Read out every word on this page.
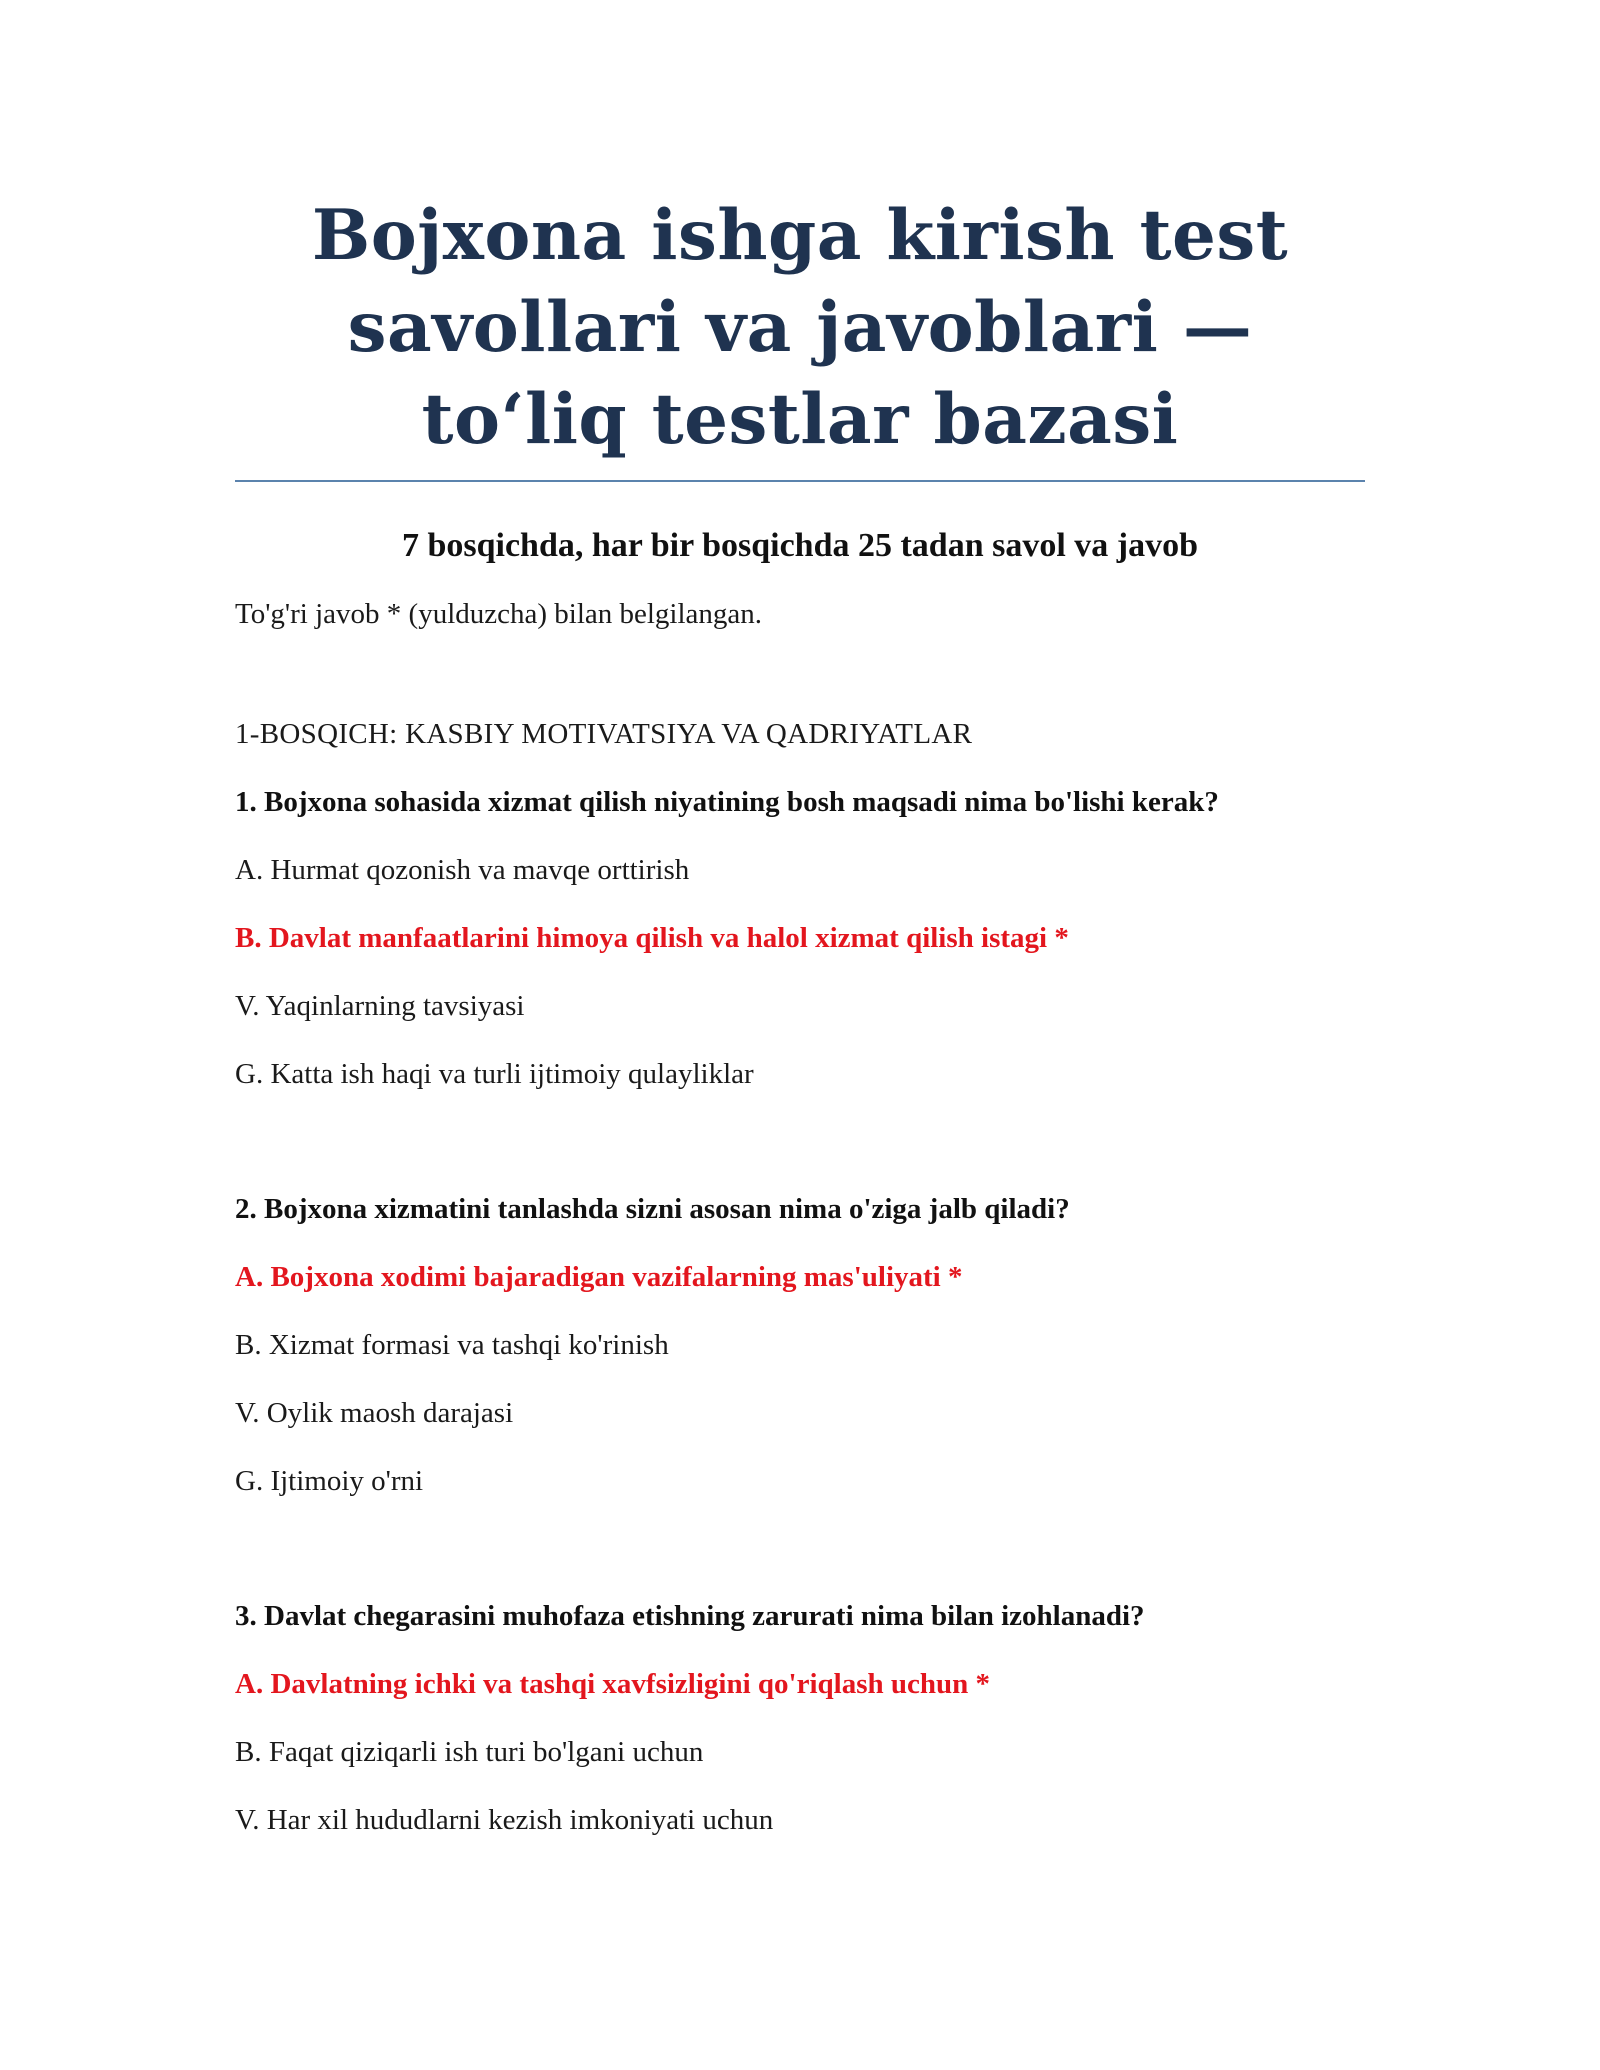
Bojxona ishga kirish test savollari va javoblari — to‘liq testlar bazasi

7 bosqichda, har bir bosqichda 25 tadan savol va javob

To'g'ri javob * (yulduzcha) bilan belgilangan.

1-BOSQICH: KASBIY MOTIVATSIYA VA QADRIYATLAR

1. Bojxona sohasida xizmat qilish niyatining bosh maqsadi nima bo'lishi kerak?

A. Hurmat qozonish va mavqe orttirish
B. Davlat manfaatlarini himoya qilish va halol xizmat qilish istagi *
V. Yaqinlarning tavsiyasi
G. Katta ish haqi va turli ijtimoiy qulayliklar

2. Bojxona xizmatini tanlashda sizni asosan nima o'ziga jalb qiladi?

A. Bojxona xodimi bajaradigan vazifalarning mas'uliyati *
B. Xizmat formasi va tashqi ko'rinish
V. Oylik maosh darajasi
G. Ijtimoiy o'rni

3. Davlat chegarasini muhofaza etishning zarurati nima bilan izohlanadi?

A. Davlatning ichki va tashqi xavfsizligini qo'riqlash uchun *
B. Faqat qiziqarli ish turi bo'lgani uchun
V. Har xil hududlarni kezish imkoniyati uchun
